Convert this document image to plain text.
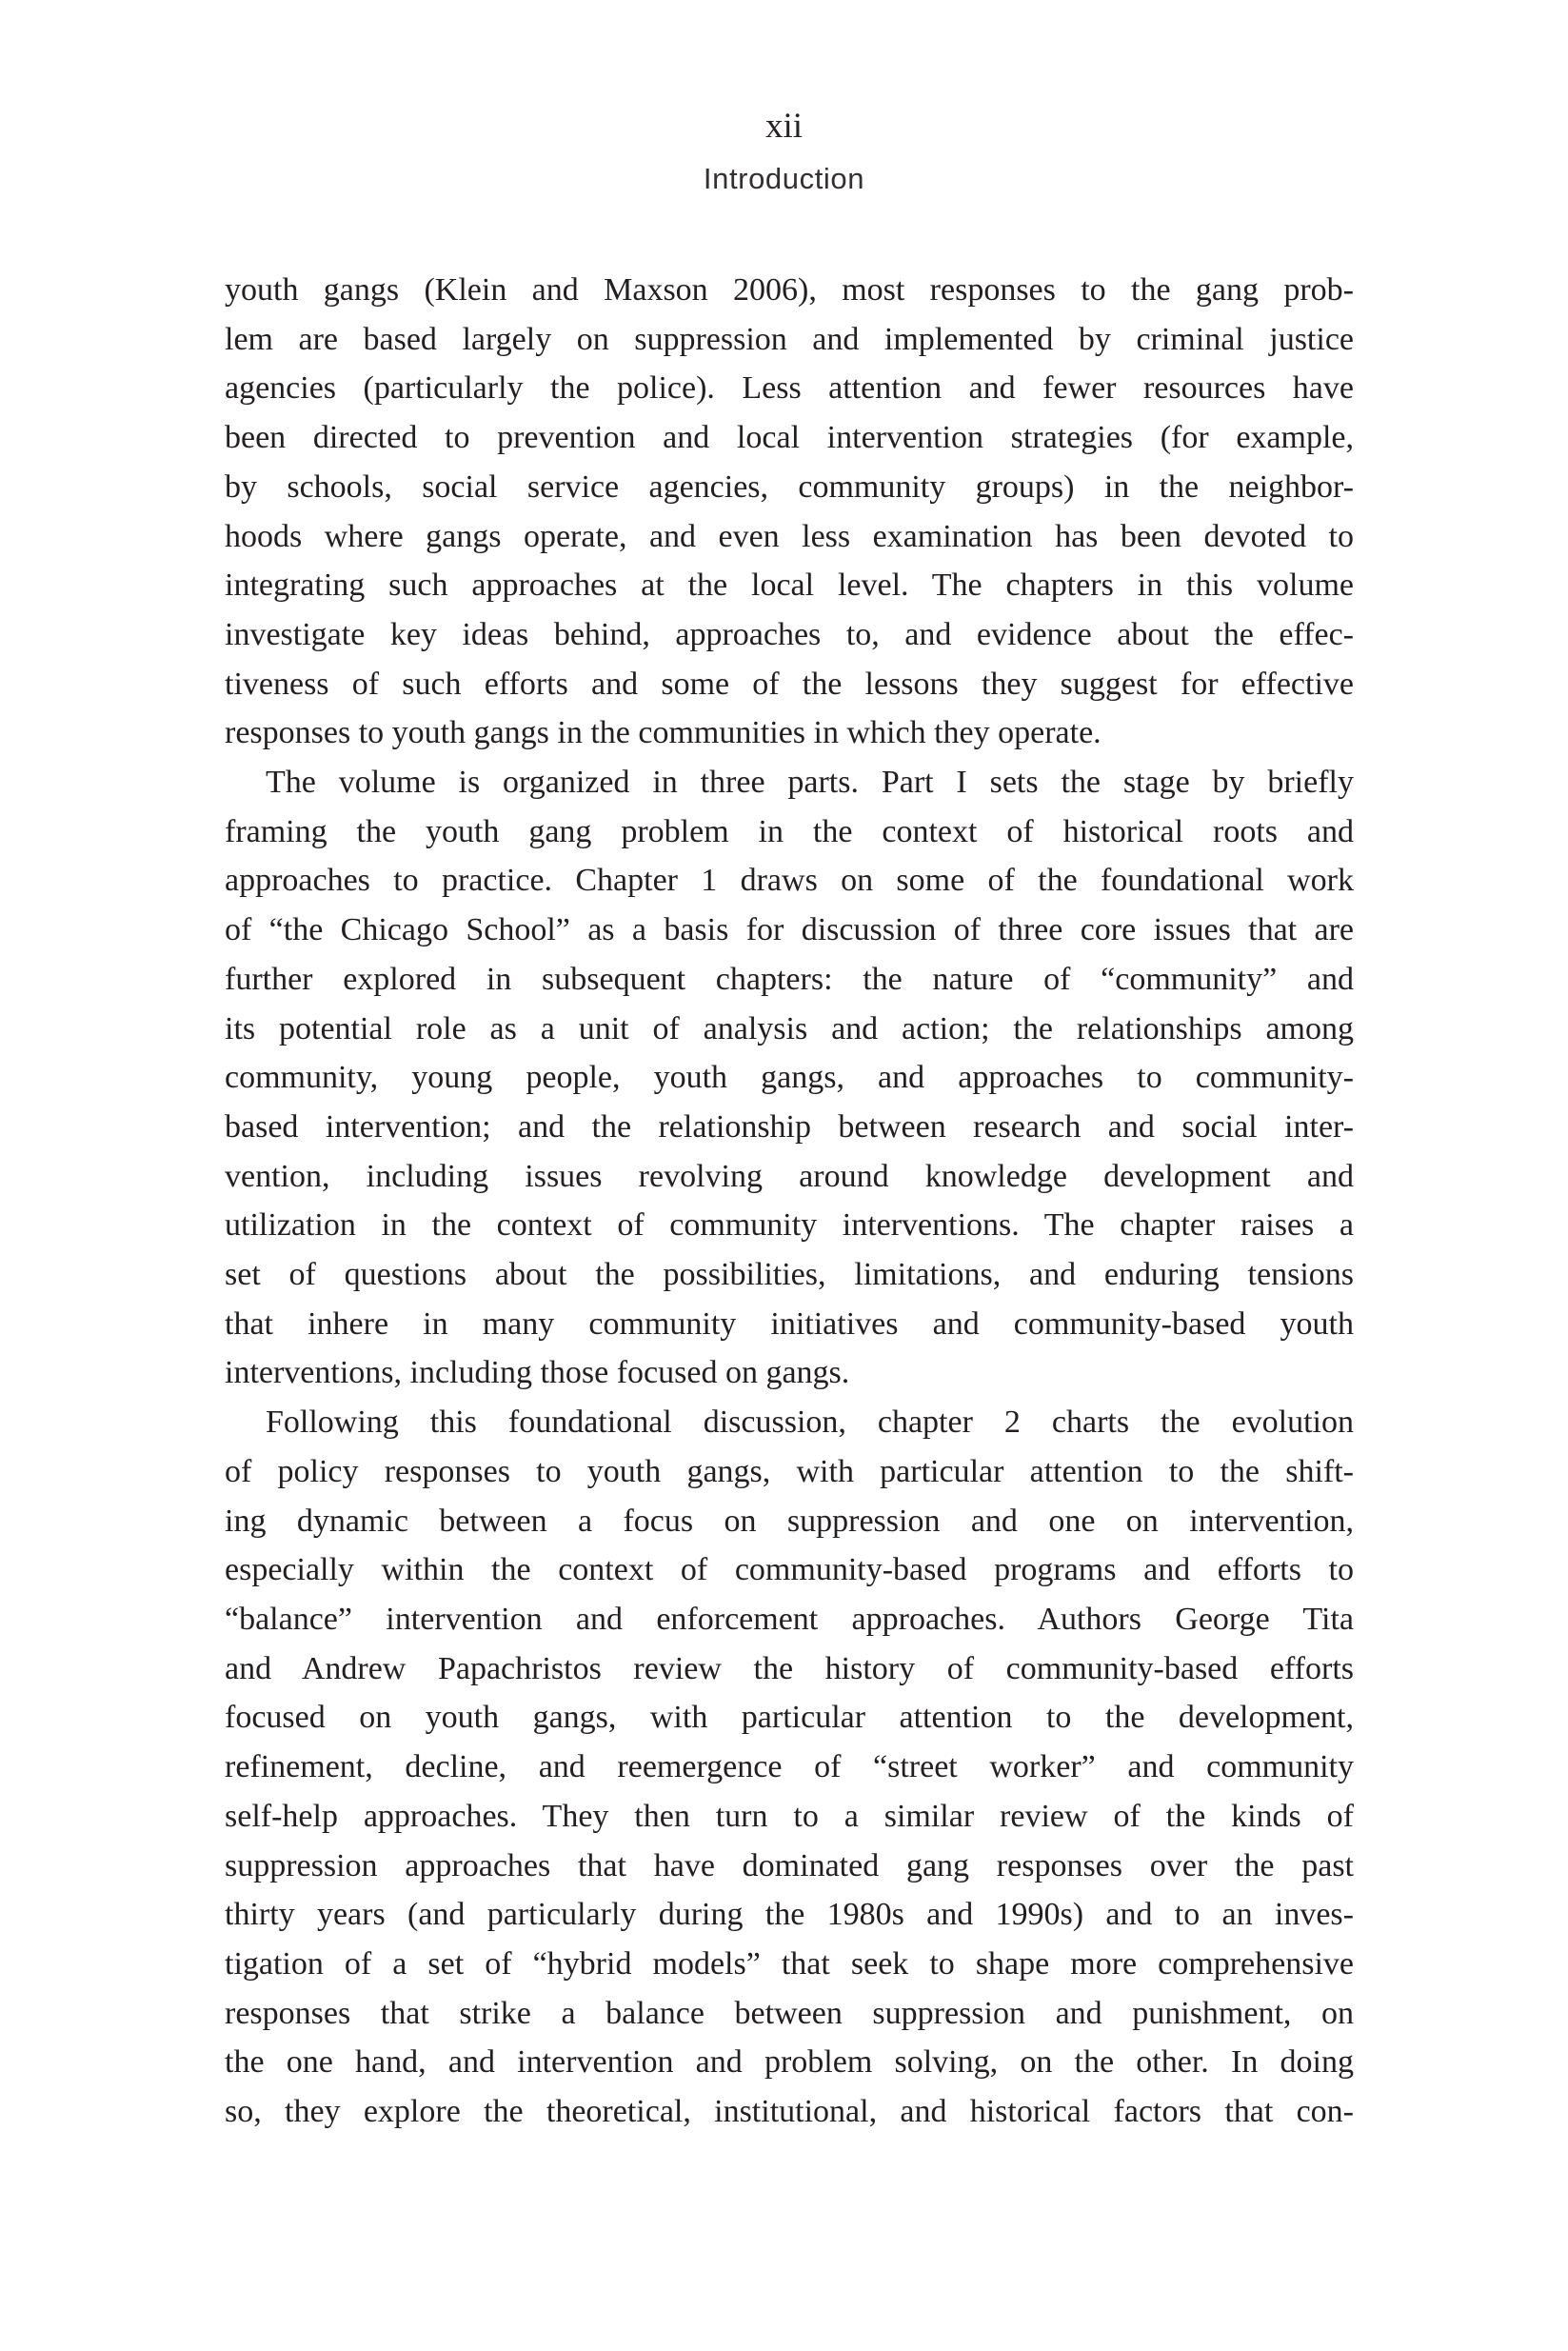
xii
Introduction
youth gangs (Klein and Maxson 2006), most responses to the gang prob-
lem are based largely on suppression and implemented by criminal justice
agencies (particularly the police). Less attention and fewer resources have
been directed to prevention and local intervention strategies (for example,
by schools, social service agencies, community groups) in the neighbor-
hoods where gangs operate, and even less examination has been devoted to
integrating such approaches at the local level. The chapters in this volume
investigate key ideas behind, approaches to, and evidence about the effec-
tiveness of such efforts and some of the lessons they suggest for effective
responses to youth gangs in the communities in which they operate.
The volume is organized in three parts. Part I sets the stage by briefly
framing the youth gang problem in the context of historical roots and
approaches to practice. Chapter 1 draws on some of the foundational work
of “the Chicago School” as a basis for discussion of three core issues that are
further explored in subsequent chapters: the nature of “community” and
its potential role as a unit of analysis and action; the relationships among
community, young people, youth gangs, and approaches to community-
based intervention; and the relationship between research and social inter-
vention, including issues revolving around knowledge development and
utilization in the context of community interventions. The chapter raises a
set of questions about the possibilities, limitations, and enduring tensions
that inhere in many community initiatives and community-based youth
interventions, including those focused on gangs.
Following this foundational discussion, chapter 2 charts the evolution
of policy responses to youth gangs, with particular attention to the shift-
ing dynamic between a focus on suppression and one on intervention,
especially within the context of community-based programs and efforts to
“balance” intervention and enforcement approaches. Authors George Tita
and Andrew Papachristos review the history of community-based efforts
focused on youth gangs, with particular attention to the development,
refinement, decline, and reemergence of “street worker” and community
self-help approaches. They then turn to a similar review of the kinds of
suppression approaches that have dominated gang responses over the past
thirty years (and particularly during the 1980s and 1990s) and to an inves-
tigation of a set of “hybrid models” that seek to shape more comprehensive
responses that strike a balance between suppression and punishment, on
the one hand, and intervention and problem solving, on the other. In doing
so, they explore the theoretical, institutional, and historical factors that con-
